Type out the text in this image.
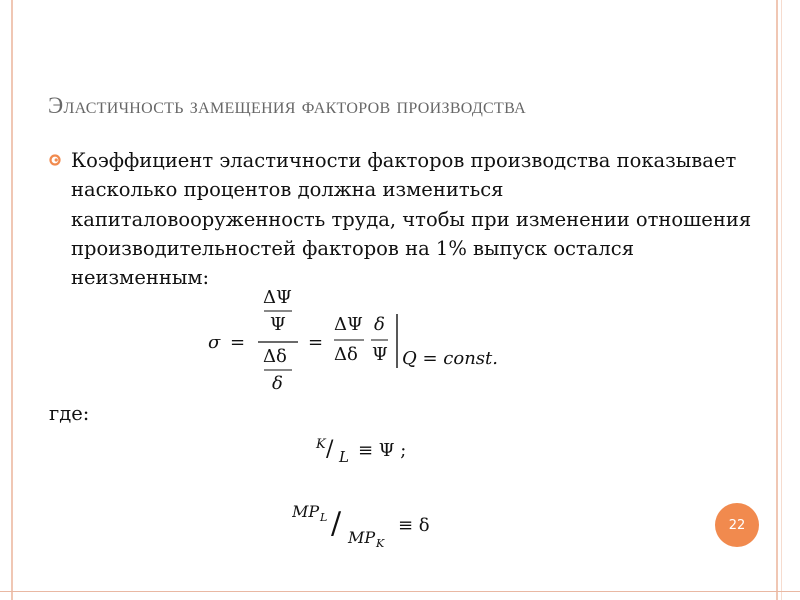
Эластичность замещения факторов производства
Коэффициент эластичности факторов производства показывает насколько процентов должна измениться капиталовооруженность труда, чтобы при изменении отношения производительностей факторов на 1% выпуск остался неизменным:
σ =
ΔΨ
Ψ
Δδ
δ
=
ΔΨ
Δδ
δ
Ψ Q = const.
где:
K / L ≡ Ψ ;
MP L / MP K
≡ δ	22
